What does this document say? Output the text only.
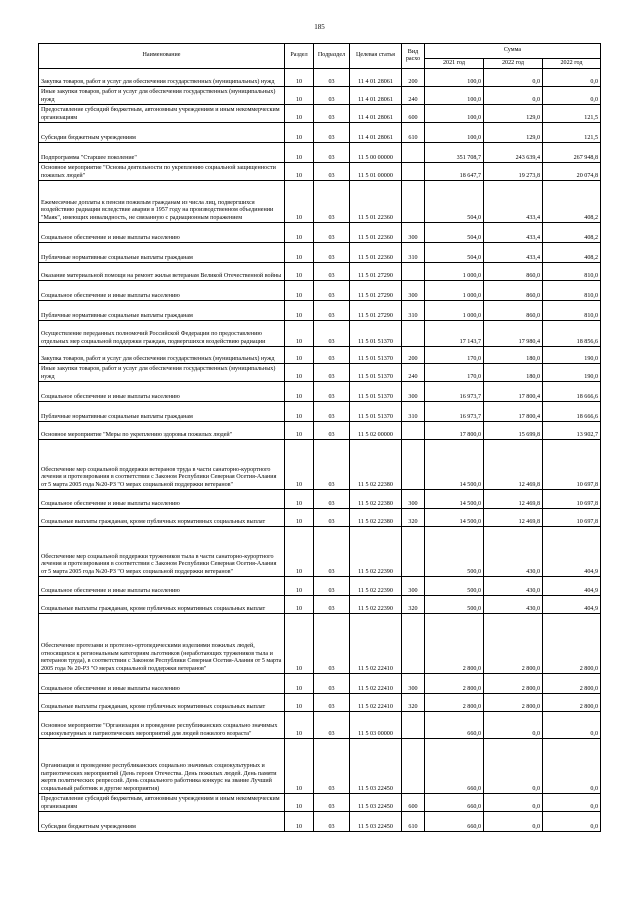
185
Наименование	Раздел	Подраздел	Целевая статья	Вид расхо	Сумма		
					2021 год	2022 год	2022 год
Закупка товаров, работ и услуг для обеспечения государственных (муниципальных) нужд	10	03	11 4 01 28061	200	100,0	0,0	0,0
Иные закупки товаров, работ и услуг для обеспечения государственных (муниципальных) нужд	10	03	11 4 01 28061	240	100,0	0,0	0,0
Предоставление субсидий бюджетным, автономным учреждениям и иным некоммерческим организациям	10	03	11 4 01 28061	600	100,0	129,0	121,5
Субсидии бюджетным учреждениям	10	03	11 4 01 28061	610	100,0	129,0	121,5
Подпрограмма "Старшее поколение"	10	03	11 5 00 00000		351 708,7	243 639,4	267 948,8
Основное мероприятие "Основы деятельности по укреплению социальной защищенности пожилых людей"	10	03	11 5 01 00000		18 647,7	19 273,8	20 074,8
Ежемесячные доплаты к пенсии пожилым гражданам из числа лиц, подвергшихся воздействию радиации вследствие аварии в 1957 году на производственном объединении "Маяк", имеющих инвалидность, не связанную с радиационным поражением	10	03	11 5 01 22360		504,0	433,4	408,2
Социальное обеспечение и иные выплаты населению	10	03	11 5 01 22360	300	504,0	433,4	408,2
Публичные нормативные социальные выплаты гражданам	10	03	11 5 01 22360	310	504,0	433,4	408,2
Оказание материальной помощи на ремонт жилья ветеранам Великой Отечественной войны	10	03	11 5 01 27290		1 000,0	860,0	810,0
Социальное обеспечение и иные выплаты населению	10	03	11 5 01 27290	300	1 000,0	860,0	810,0
Публичные нормативные социальные выплаты гражданам	10	03	11 5 01 27290	310	1 000,0	860,0	810,0
Осуществление переданных полномочий Российской Федерации по предоставлению отдельных мер социальной поддержки граждан, подвергшихся воздействию радиации	10	03	11 5 01 51370		17 143,7	17 980,4	18 856,6
Закупка товаров, работ и услуг для обеспечения государственных (муниципальных) нужд	10	03	11 5 01 51370	200	170,0	180,0	190,0
Иные закупки товаров, работ и услуг для обеспечения государственных (муниципальных) нужд	10	03	11 5 01 51370	240	170,0	180,0	190,0
Социальное обеспечение и иные выплаты населению	10	03	11 5 01 51370	300	16 973,7	17 800,4	18 666,6
Публичные нормативные социальные выплаты гражданам	10	03	11 5 01 51370	310	16 973,7	17 800,4	18 666,6
Основное мероприятие "Меры по укреплению здоровья пожилых людей"	10	03	11 5 02 00000		17 800,0	15 699,8	13 902,7
Обеспечение мер социальной поддержки ветеранов труда в части санаторно-курортного лечения и протезирования в соответствии с Законом Республики Северная Осетия-Алания от 5 марта 2005 года №20-РЗ "О мерах социальной поддержки ветеранов"	10	03	11 5 02 22380		14 500,0	12 469,8	10 697,8
Социальное обеспечение и иные выплаты населению	10	03	11 5 02 22380	300	14 500,0	12 469,8	10 697,8
Социальные выплаты гражданам, кроме публичных нормативных социальных выплат	10	03	11 5 02 22380	320	14 500,0	12 469,8	10 697,8
Обеспечение мер социальной поддержки тружеников тыла в части санаторно-курортного лечения и протезирования в соответствии с Законом Республики Северная Осетия-Алания от 5 марта 2005 года №20-РЗ "О мерах социальной поддержки ветеранов"	10	03	11 5 02 22390		500,0	430,0	404,9
Социальное обеспечение и иные выплаты населению	10	03	11 5 02 22390	300	500,0	430,0	404,9
Социальные выплаты гражданам, кроме публичных нормативных социальных выплат	10	03	11 5 02 22390	320	500,0	430,0	404,9
Обеспечение протезами и протезно-ортопедическими изделиями пожилых людей, относящихся к региональным категориям льготников (неработающих тружеников тыла и ветеранов труда), в соответствии с Законом Республики Северная Осетия-Алания от 5 марта 2005 года № 20-РЗ "О мерах социальной поддержки ветеранов"	10	03	11 5 02 22410		2 800,0	2 800,0	2 800,0
Социальное обеспечение и иные выплаты населению	10	03	11 5 02 22410	300	2 800,0	2 800,0	2 800,0
Социальные выплаты гражданам, кроме публичных нормативных социальных выплат	10	03	11 5 02 22410	320	2 800,0	2 800,0	2 800,0
Основное мероприятие "Организация и проведение республиканских социально значимых социокультурных и патриотических мероприятий для людей пожилого возраста"	10	03	11 5 03 00000		660,0	0,0	0,0
Организация и проведение республиканских социально значимых социокультурных и патриотических мероприятий (День героев Отечества. День пожилых людей. День памяти жертв политических репрессий. День социального работника конкурс на звание Лучший социальный работник и другие мероприятия)	10	03	11 5 03 22450		660,0	0,0	0,0
Предоставление субсидий бюджетным, автономным учреждениям и иным некоммерческим организациям	10	03	11 5 03 22450	600	660,0	0,0	0,0
Субсидии бюджетным учреждениям	10	03	11 5 03 22450	610	660,0	0,0	0,0
